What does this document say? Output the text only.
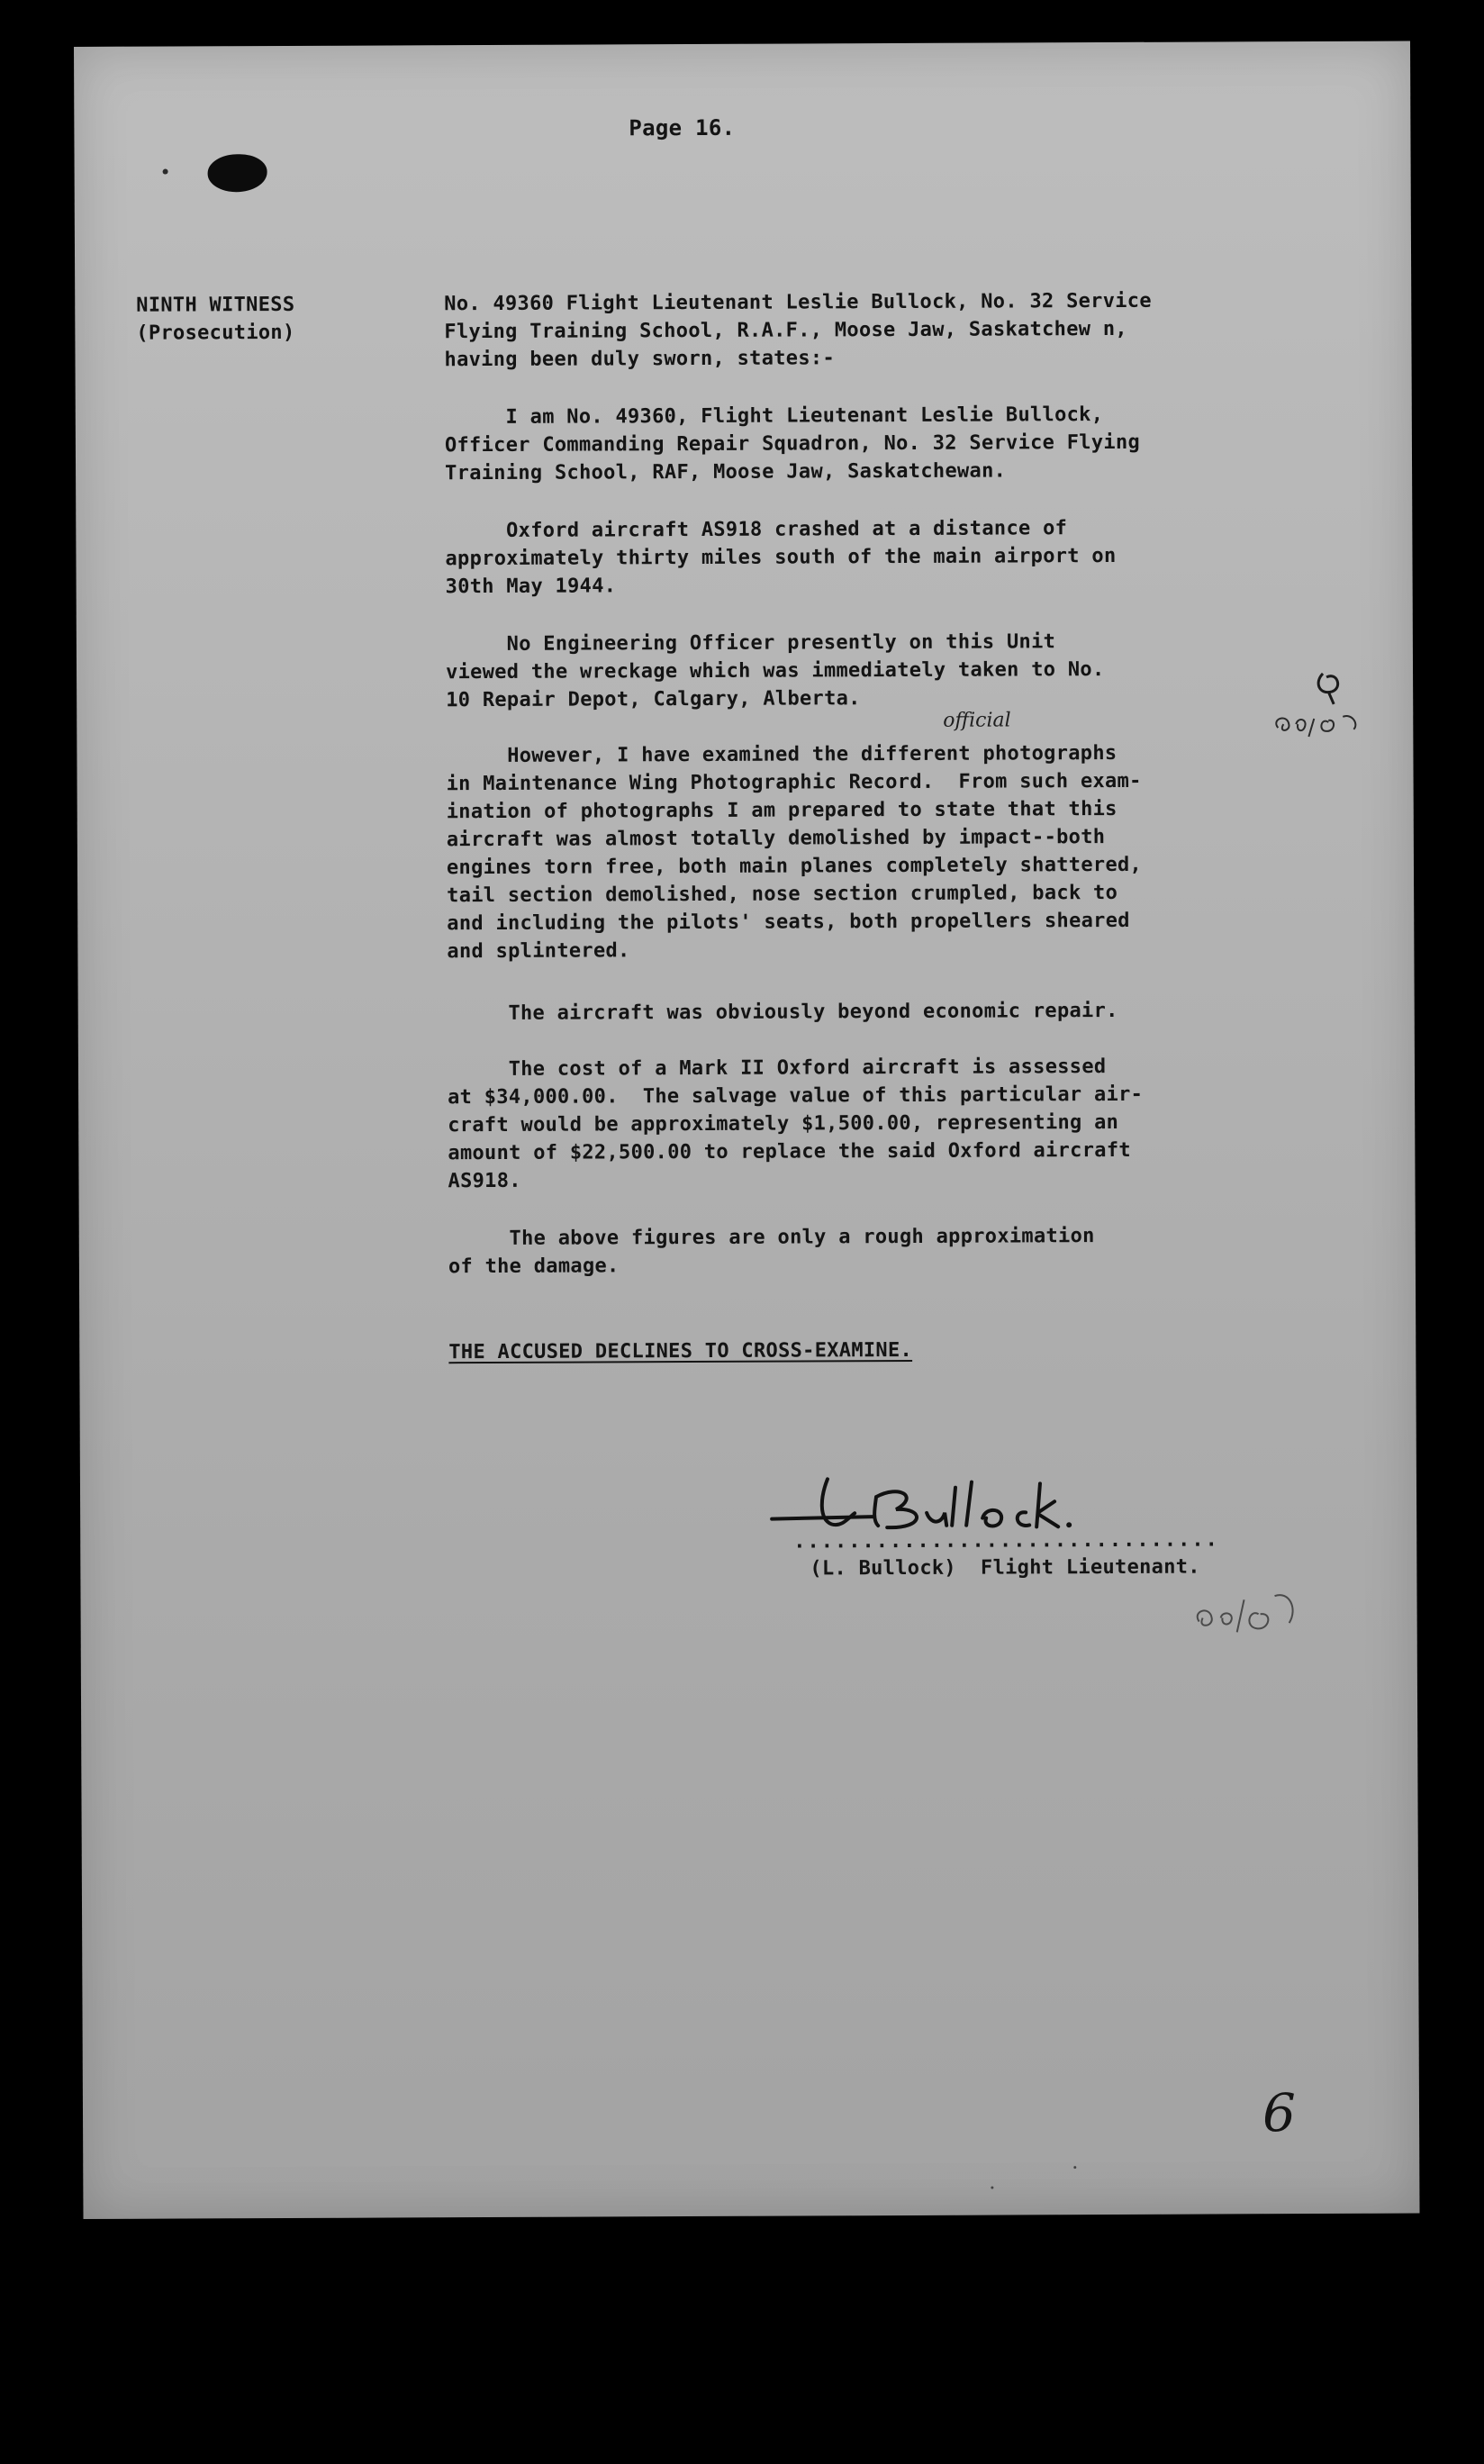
Page 16.
NINTH WITNESS
(Prosecution)
No. 49360 Flight Lieutenant Leslie Bullock, No. 32 Service
Flying Training School, R.A.F., Moose Jaw, Saskatchew n,
having been duly sworn, states:-
I am No. 49360, Flight Lieutenant Leslie Bullock,
Officer Commanding Repair Squadron, No. 32 Service Flying
Training School, RAF, Moose Jaw, Saskatchewan.
Oxford aircraft AS918 crashed at a distance of
approximately thirty miles south of the main airport on
30th May 1944.
No Engineering Officer presently on this Unit
viewed the wreckage which was immediately taken to No.
10 Repair Depot, Calgary, Alberta.
official
However, I have examined the different photographs
in Maintenance Wing Photographic Record.  From such exam-
ination of photographs I am prepared to state that this
aircraft was almost totally demolished by impact--both
engines torn free, both main planes completely shattered,
tail section demolished, nose section crumpled, back to
and including the pilots' seats, both propellers sheared
and splintered.
The aircraft was obviously beyond economic repair.
The cost of a Mark II Oxford aircraft is assessed
at $34,000.00.  The salvage value of this particular air-
craft would be approximately $1,500.00, representing an
amount of $22,500.00 to replace the said Oxford aircraft
AS918.
The above figures are only a rough approximation
of the damage.
THE ACCUSED DECLINES TO CROSS-EXAMINE.
...............................
(L. Bullock)  Flight Lieutenant.
6
